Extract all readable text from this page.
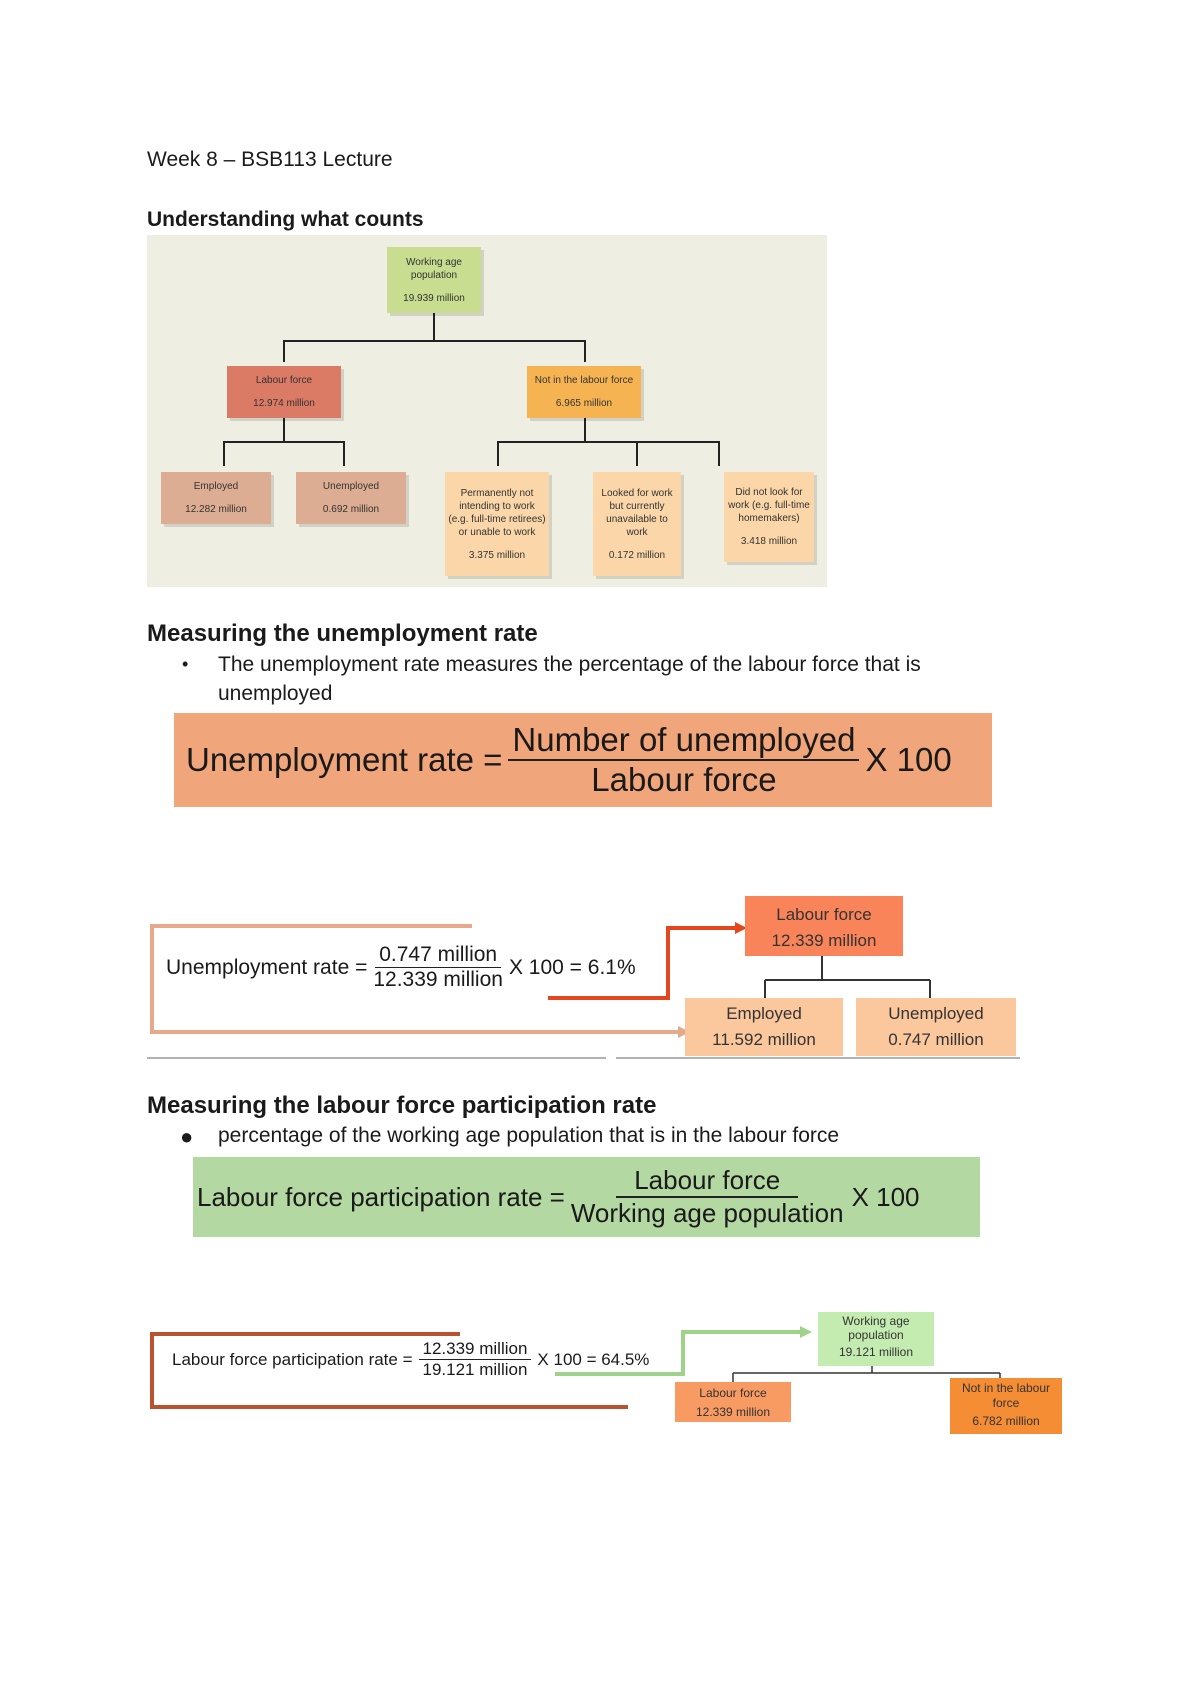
Week 8 – BSB113 Lecture
Understanding what counts
Working age population
19.939 million
Labour force
12.974 million
Not in the labour force
6.965 million
Employed
12.282 million
Unemployed
0.692 million
Permanently not intending to work (e.g. full-time retirees) or unable to work
3.375 million
Looked for work but currently unavailable to work
0.172 million
Did not look for work (e.g. full-time homemakers)
3.418 million
Measuring the unemployment rate
• The unemployment rate measures the percentage of the labour force that is unemployed
Unemployment rate = $\frac{\text{Number of unemployed}}{\text{Labour force}}$ X 100
Unemployment rate = $\frac{\text{0.747 million}}{\text{12.339 million}}$ X 100 = 6.1%
Labour force
12.339 million
Employed
11.592 million
Unemployed
0.747 million
Measuring the labour force participation rate
● percentage of the working age population that is in the labour force
Labour force participation rate = $\frac{\text{Labour force}}{\text{Working age population}}$ X 100
Labour force participation rate = $\frac{\text{12.339 million}}{\text{19.121 million}}$ X 100 = 64.5%
Working age population
19.121 million
Labour force
12.339 million
Not in the labour force
6.782 million
